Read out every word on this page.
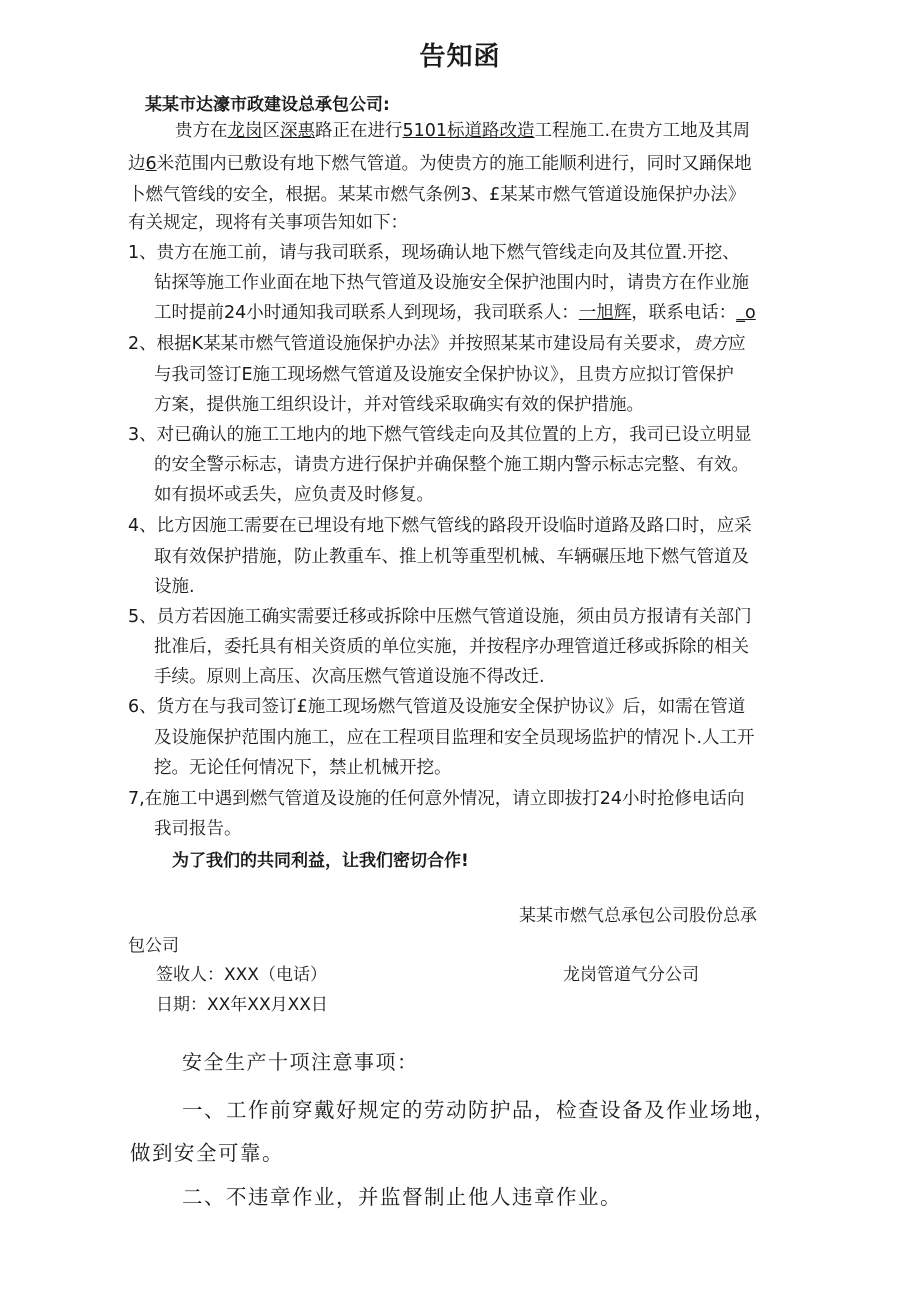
告知函
某某市达濠市政建设总承包公司:
贵方在龙岗区深惠路正在进行5101标道路改造工程施工.在贵方工地及其周
边6米范围内已敷设有地下燃气管道。为使贵方的施工能顺利进行，同时又踊保地
卜燃气管线的安全，根据。某某市燃气条例3、£某某市燃气管道设施保护办法》
有关规定，现将有关事项告知如下：
1、贵方在施工前，请与我司联系，现场确认地下燃气管线走向及其位置.开挖、
钻探等施工作业面在地下热气管道及设施安全保护池围内时，请贵方在作业施
工时提前24小时通知我司联系人到现场，我司联系人：一旭辉，联系电话：_o
2、根据K某某市燃气管道设施保护办法》并按照某某市建设局有关要求，贵方应
与我司签订E施工现场燃气管道及设施安全保护协议》，且贵方应拟订管保护
方案，提供施工组织设计，并对管线采取确实有效的保护措施。
3、对已确认的施工工地内的地下燃气管线走向及其位置的上方，我司已设立明显
的安全警示标志，请贵方进行保护并确保整个施工期内警示标志完整、有效。
如有损坏或丢失，应负责及时修复。
4、比方因施工需要在已埋设有地下燃气管线的路段开设临时道路及路口时，应采
取有效保护措施，防止教重车、推上机等重型机械、车辆碾压地下燃气管道及
设施.
5、员方若因施工确实需要迁移或拆除中压燃气管道设施，须由员方报请有关部门
批准后，委托具有相关资质的单位实施，并按程序办理管道迁移或拆除的相关
手续。原则上高压、次高压燃气管道设施不得改迁.
6、货方在与我司签订£施工现场燃气管道及设施安全保护协议》后，如需在管道
及设施保护范围内施工，应在工程项目监理和安全员现场监护的情况卜.人工开
挖。无论任何情况下，禁止机械开挖。
7,在施工中遇到燃气管道及设施的任何意外情况，请立即拔打24小时抢修电话向
我司报告。
为了我们的共同利益，让我们密切合作!
某某市燃气总承包公司股份总承
包公司
签收人：XXX（电话）	龙岗管道气分公司
日期：XX年XX月XX日
安全生产十项注意事项：
一、工作前穿戴好规定的劳动防护品，检查设备及作业场地，
做到安全可靠。
二、不违章作业，并监督制止他人违章作业。
